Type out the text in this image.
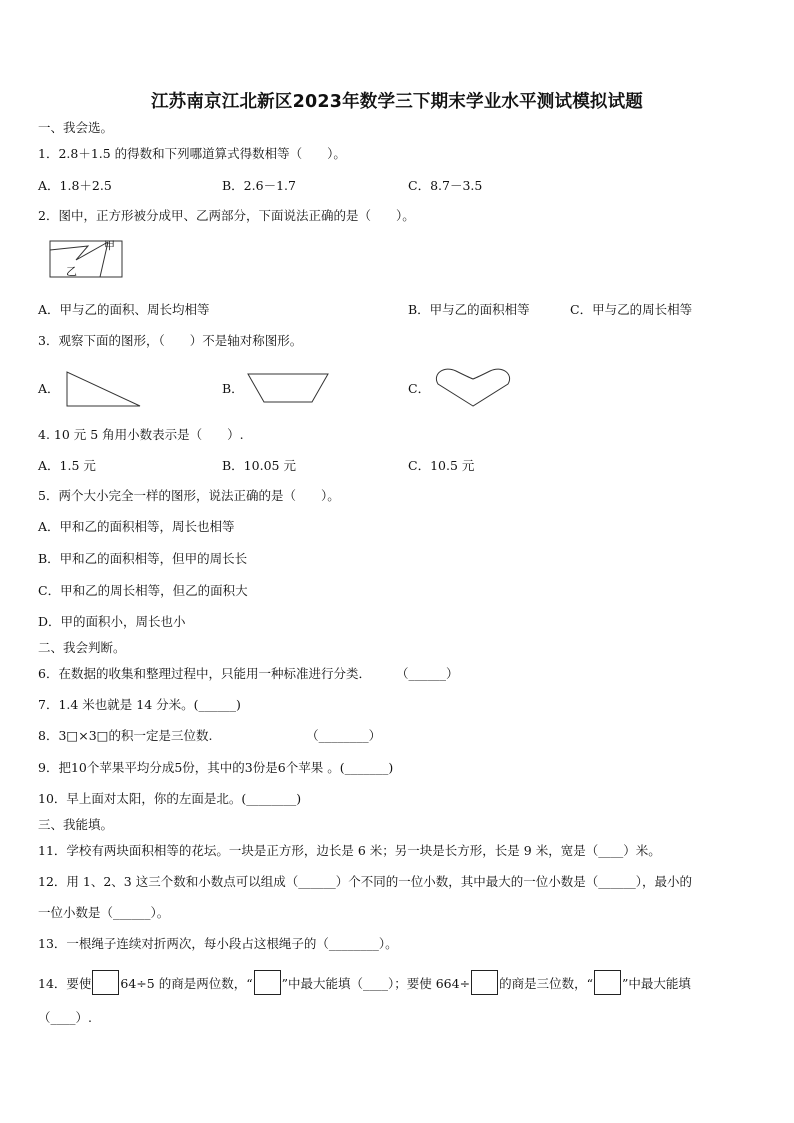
江苏南京江北新区2023年数学三下期末学业水平测试模拟试题
一、我会选。
1．2.8＋1.5 的得数和下列哪道算式得数相等（　　）。
A．1.8＋2.5	B．2.6－1.7	C．8.7－3.5
2．图中，正方形被分成甲、乙两部分，下面说法正确的是（　　）。
甲
乙
A．甲与乙的面积、周长均相等	B．甲与乙的面积相等	C．甲与乙的周长相等
3．观察下面的图形，（　　）不是轴对称图形。
A．	B．	C．
4. 10 元 5 角用小数表示是（　　）.
A．1.5 元	B．10.05 元	C．10.5 元
5．两个大小完全一样的图形，说法正确的是（　　）。
A．甲和乙的面积相等，周长也相等
B．甲和乙的面积相等，但甲的周长长
C．甲和乙的周长相等，但乙的面积大
D．甲的面积小，周长也小
二、我会判断。
6．在数据的收集和整理过程中，只能用一种标准进行分类．　　　（______）
7．1.4 米也就是 14 分米。(______)
8．3□×3□的积一定是三位数.　　　　　　　　（________）
9．把10个苹果平均分成5份，其中的3份是6个苹果 。(_______)
10．早上面对太阳，你的左面是北。(________)
三、我能填。
11．学校有两块面积相等的花坛。一块是正方形，边长是 6 米；另一块是长方形，长是 9 米，宽是（____）米。
12．用 1、2、3 这三个数和小数点可以组成（______）个不同的一位小数，其中最大的一位小数是（______），最小的
一位小数是（______）。
13．一根绳子连续对折两次，每小段占这根绳子的（________）。
14．要使 64÷5 的商是两位数，“ ”中最大能填（____）；要使 664÷ 的商是三位数，“ ”中最大能填
（____）.
